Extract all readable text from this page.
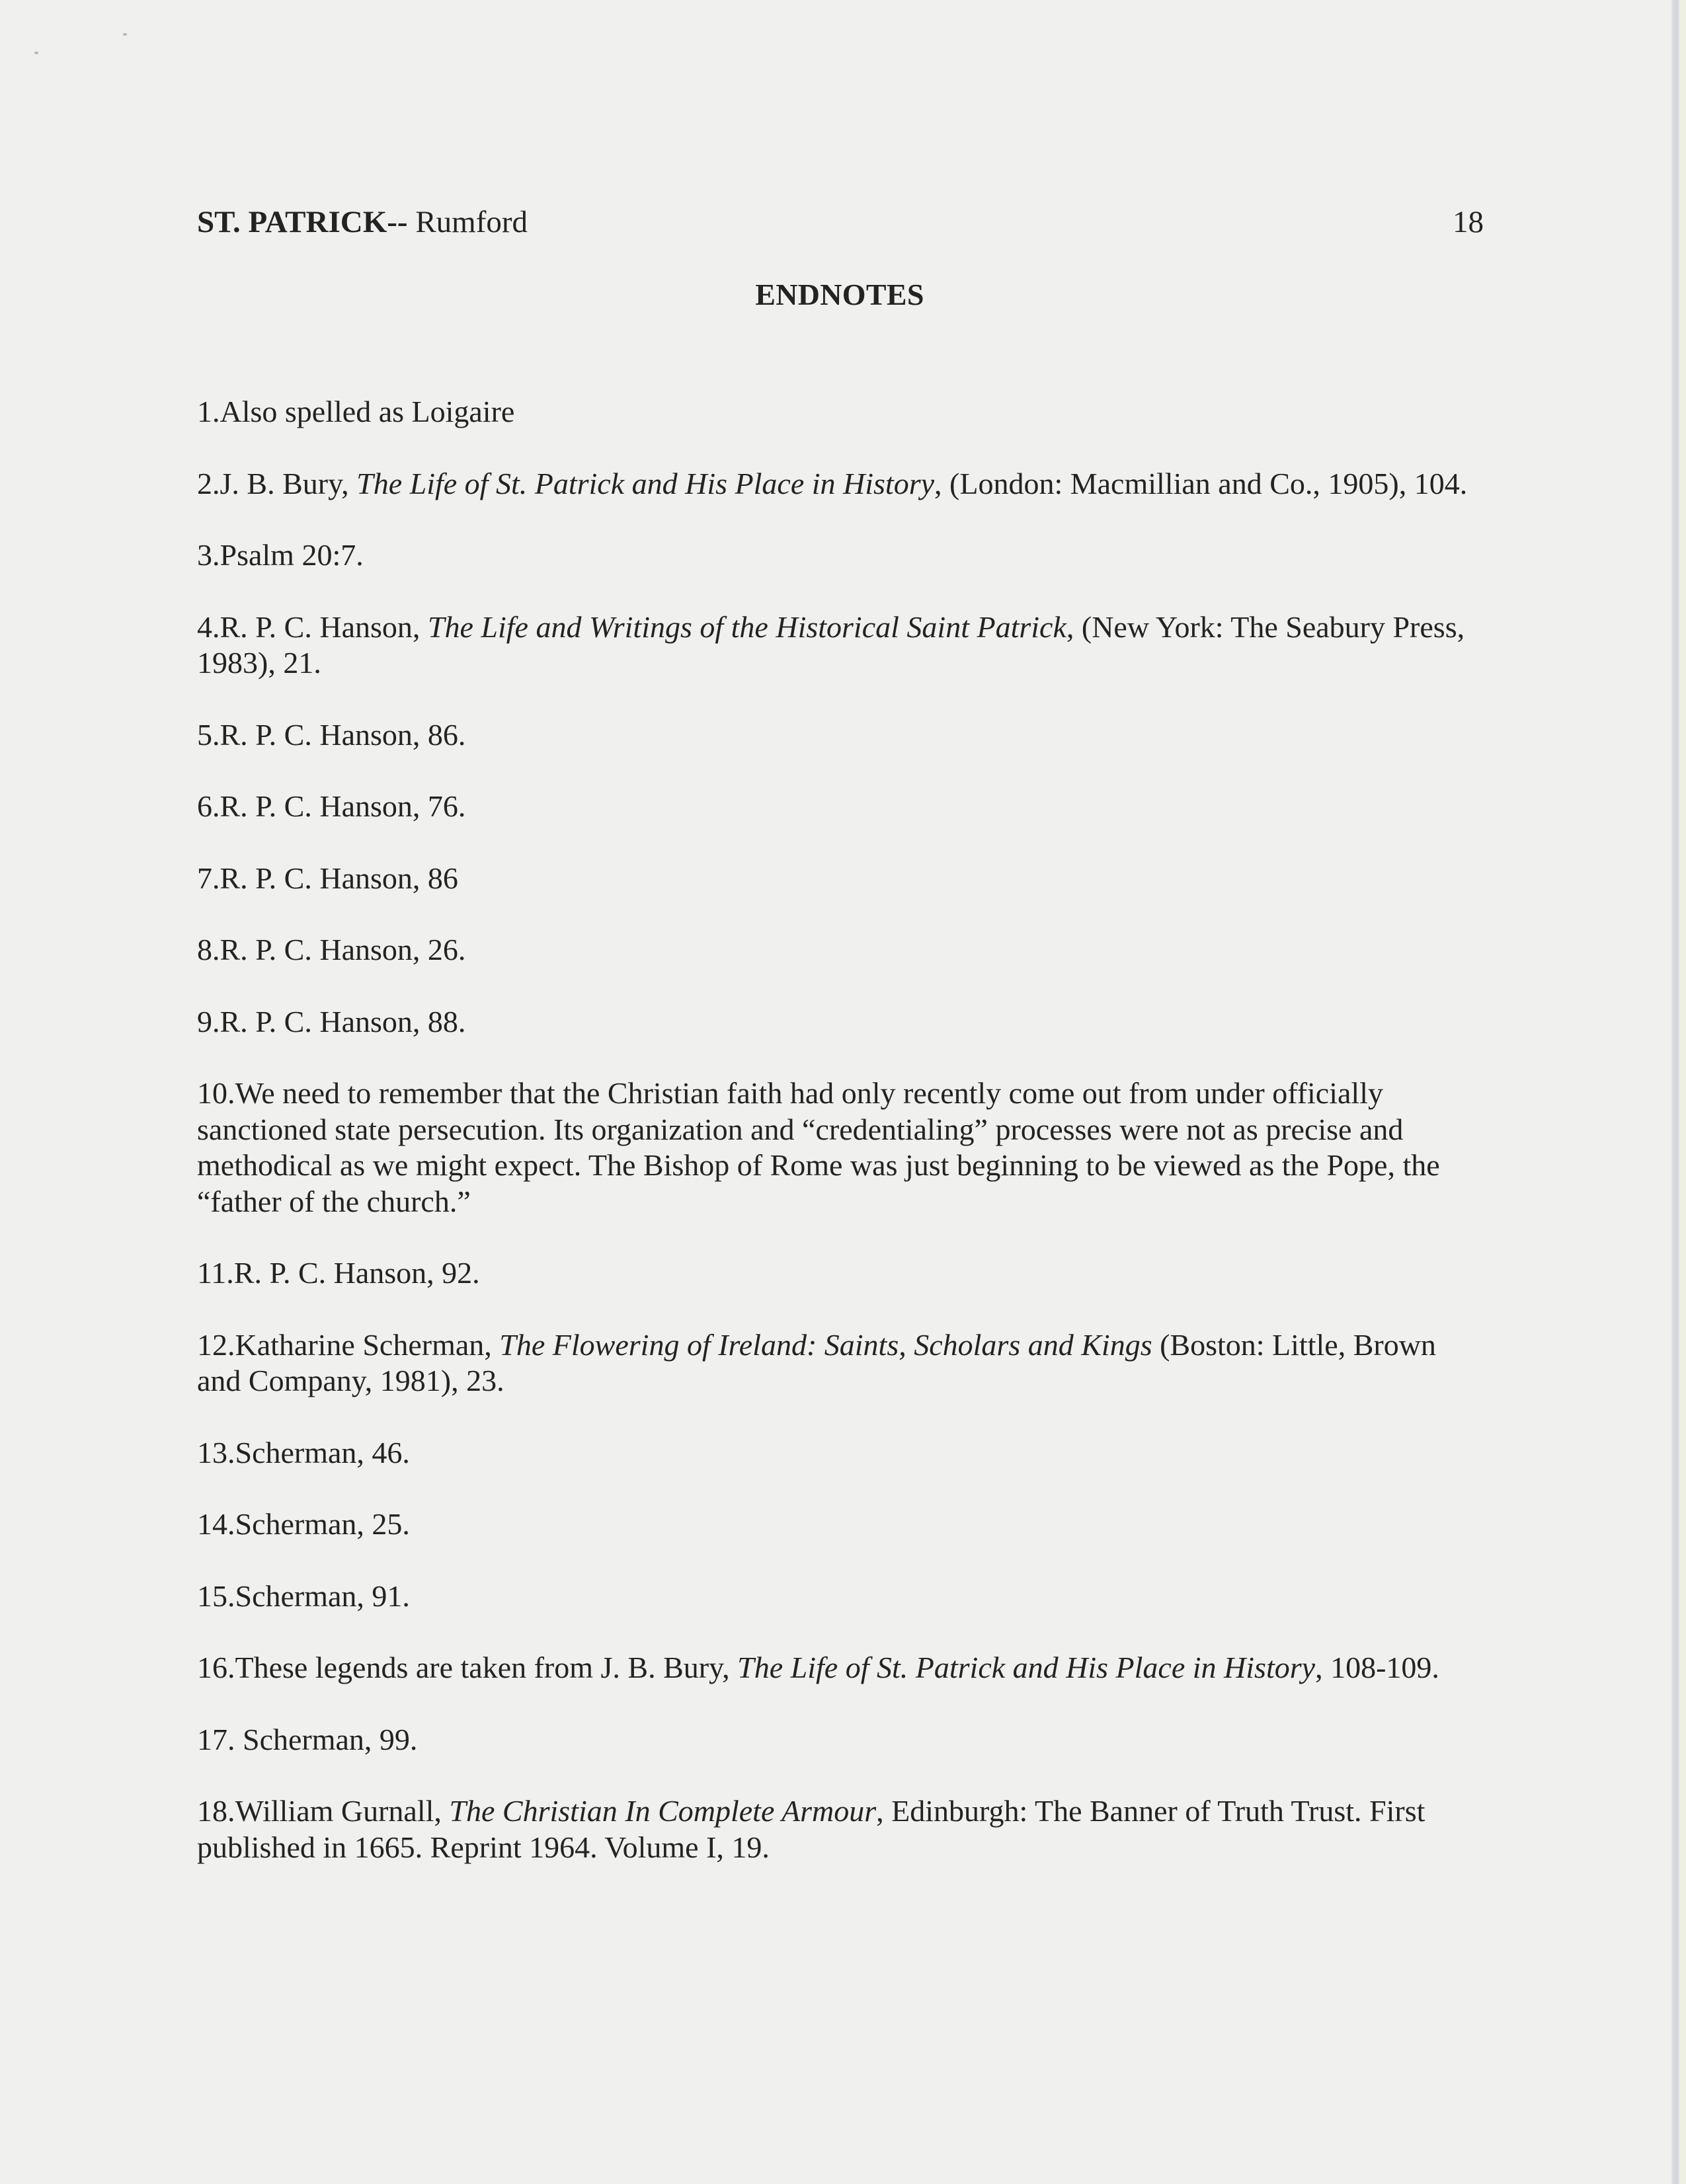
ST. PATRICK-- Rumford	18
ENDNOTES

1.Also spelled as Loigaire

2.J. B. Bury, The Life of St. Patrick and His Place in History, (London: Macmillian and Co., 1905), 104.

3.Psalm 20:7.

4.R. P. C. Hanson, The Life and Writings of the Historical Saint Patrick, (New York: The Seabury Press, 1983), 21.

5.R. P. C. Hanson, 86.

6.R. P. C. Hanson, 76.

7.R. P. C. Hanson, 86

8.R. P. C. Hanson, 26.

9.R. P. C. Hanson, 88.

10.We need to remember that the Christian faith had only recently come out from under officially sanctioned state persecution. Its organization and “credentialing” processes were not as precise and methodical as we might expect. The Bishop of Rome was just beginning to be viewed as the Pope, the “father of the church.”

11.R. P. C. Hanson, 92.

12.Katharine Scherman, The Flowering of Ireland: Saints, Scholars and Kings (Boston: Little, Brown and Company, 1981), 23.

13.Scherman, 46.

14.Scherman, 25.

15.Scherman, 91.

16.These legends are taken from J. B. Bury, The Life of St. Patrick and His Place in History, 108-109.

17. Scherman, 99.

18.William Gurnall, The Christian In Complete Armour, Edinburgh: The Banner of Truth Trust. First published in 1665. Reprint 1964. Volume I, 19.
